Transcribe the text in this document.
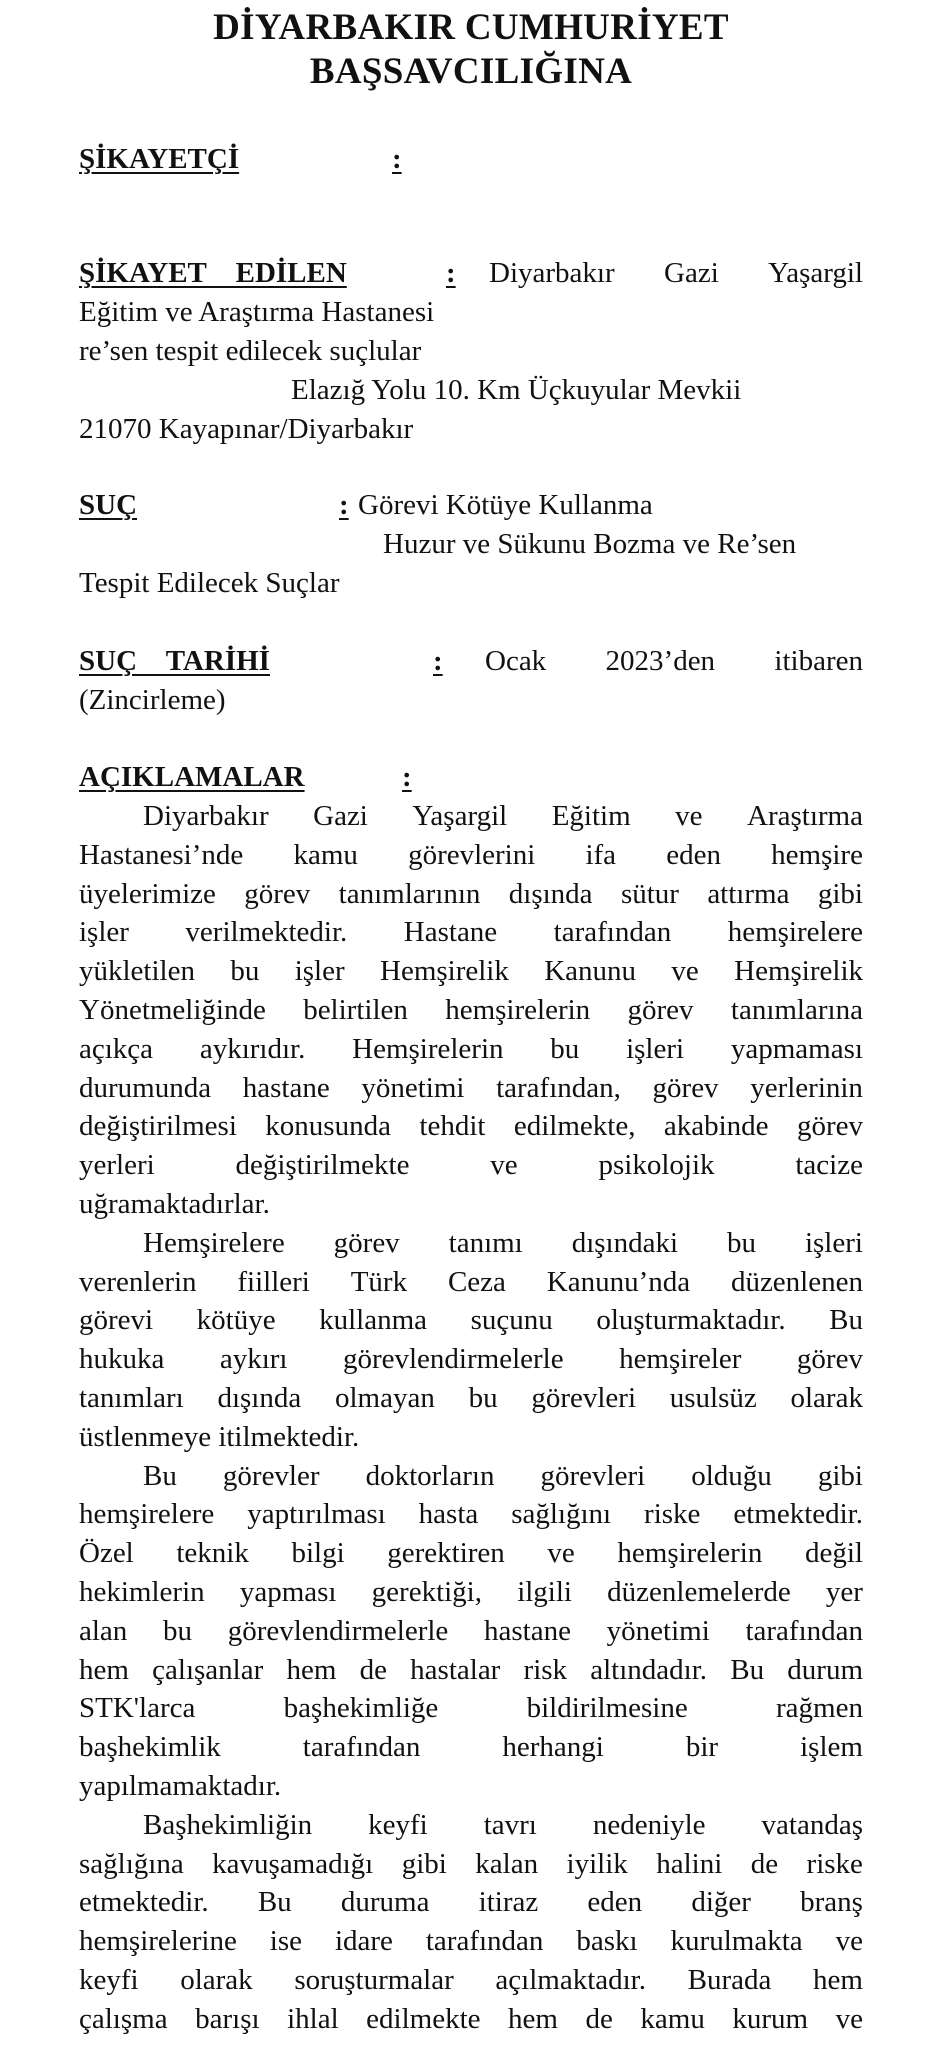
DİYARBAKIR CUMHURİYET
BAŞSAVCILIĞINA
ŞİKAYETÇİ	:
ŞİKAYET EDİLEN	: Diyarbakır Gazi Yaşargil
Eğitim ve Araştırma Hastanesi
re’sen tespit edilecek suçlular
Elazığ Yolu 10. Km Üçkuyular Mevkii
21070 Kayapınar/Diyarbakır
SUÇ	: Görevi Kötüye Kullanma
Huzur ve Sükunu Bozma ve Re’sen
Tespit Edilecek Suçlar
SUÇ TARİHİ	: Ocak 2023’den itibaren
(Zincirleme)
AÇIKLAMALAR	:
Diyarbakır Gazi Yaşargil Eğitim ve Araştırma
Hastanesi’nde kamu görevlerini ifa eden hemşire
üyelerimize görev tanımlarının dışında sütur attırma gibi
işler verilmektedir. Hastane tarafından hemşirelere
yükletilen bu işler Hemşirelik Kanunu ve Hemşirelik
Yönetmeliğinde belirtilen hemşirelerin görev tanımlarına
açıkça aykırıdır. Hemşirelerin bu işleri yapmaması
durumunda hastane yönetimi tarafından, görev yerlerinin
değiştirilmesi konusunda tehdit edilmekte, akabinde görev
yerleri	değiştirilmekte	ve	psikolojik	tacize
uğramaktadırlar.
Hemşirelere görev tanımı dışındaki bu işleri
verenlerin fiilleri Türk Ceza Kanunu’nda düzenlenen
görevi kötüye kullanma suçunu oluşturmaktadır. Bu
hukuka aykırı görevlendirmelerle hemşireler görev
tanımları dışında olmayan bu görevleri usulsüz olarak
üstlenmeye itilmektedir.
Bu görevler doktorların görevleri olduğu gibi
hemşirelere yaptırılması hasta sağlığını riske etmektedir.
Özel teknik bilgi gerektiren ve hemşirelerin değil
hekimlerin yapması gerektiği, ilgili düzenlemelerde yer
alan bu görevlendirmelerle hastane yönetimi tarafından
hem çalışanlar hem de hastalar risk altındadır. Bu durum
STK'larca	başhekimliğe	bildirilmesine	rağmen
başhekimlik	tarafından	herhangi	bir	işlem
yapılmamaktadır.
Başhekimliğin keyfi tavrı nedeniyle vatandaş
sağlığına kavuşamadığı gibi kalan iyilik halini de riske
etmektedir. Bu duruma itiraz eden diğer branş
hemşirelerine ise idare tarafından baskı kurulmakta ve
keyfi olarak soruşturmalar açılmaktadır. Burada hem
çalışma barışı ihlal edilmekte hem de kamu kurum ve
